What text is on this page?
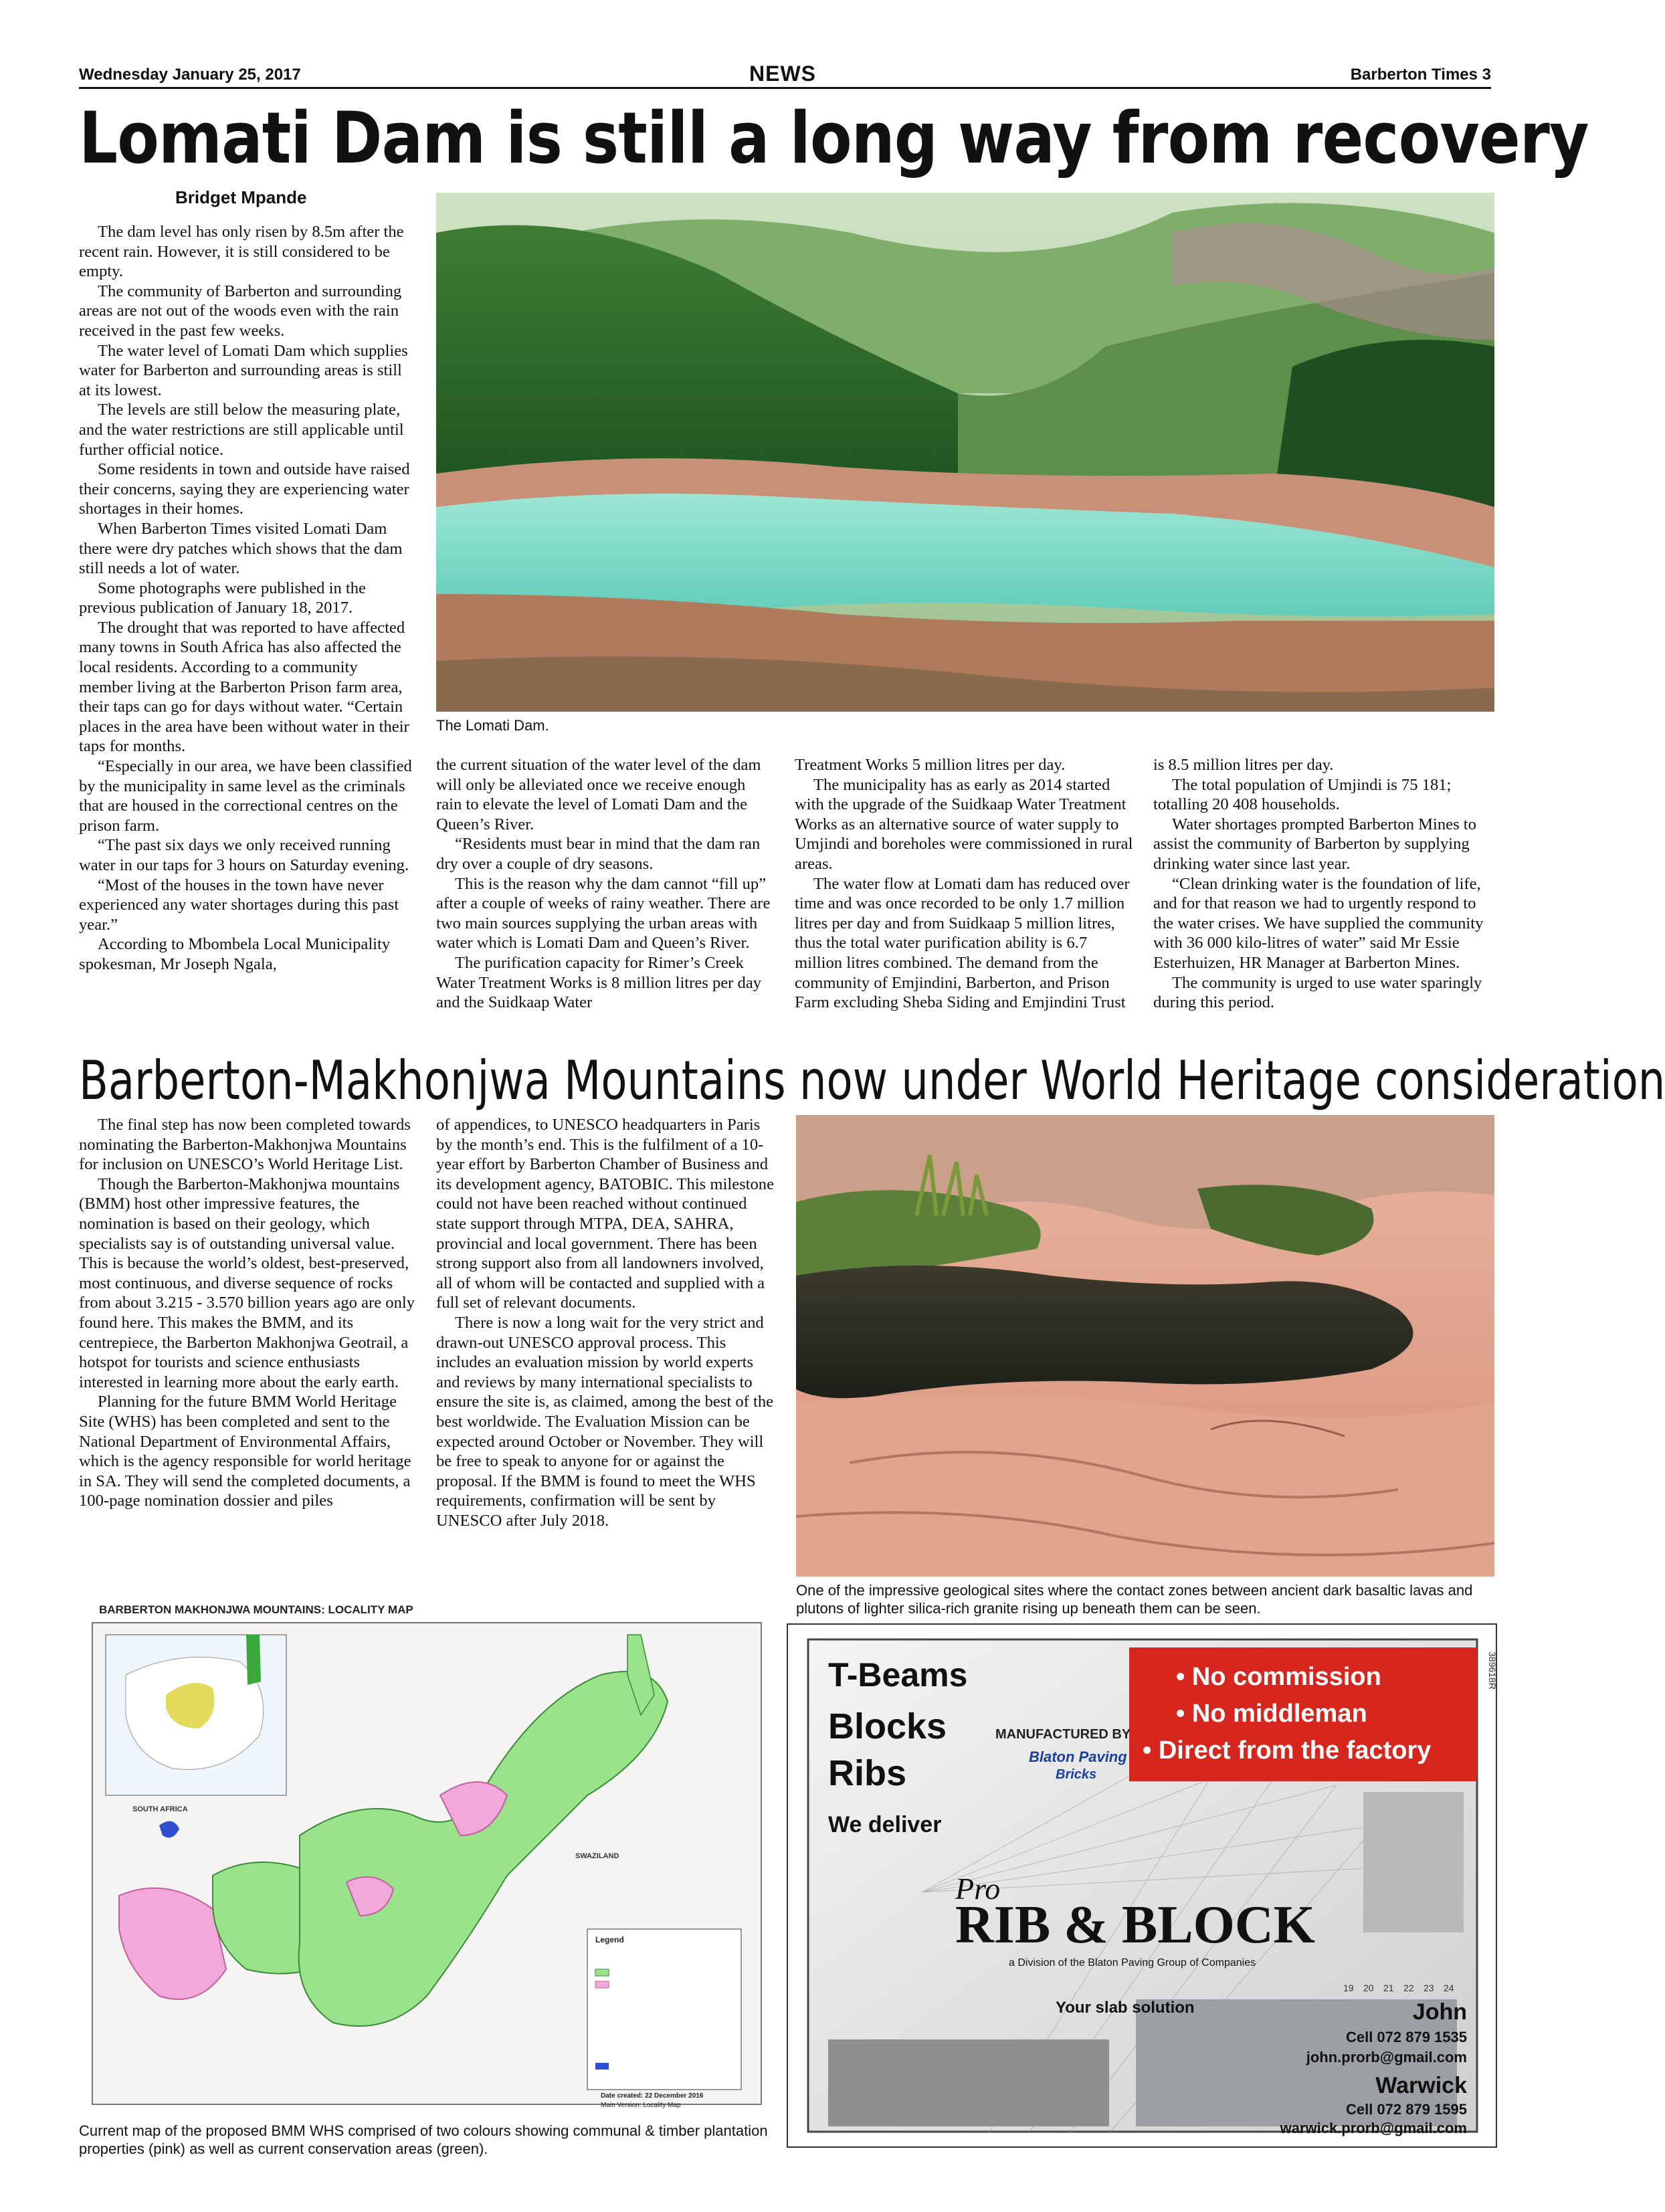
Wednesday January 25, 2017	NEWS	Barberton Times 3
Lomati Dam is still a long way from recovery
Bridget Mpande

The dam level has only risen by 8.5m after the recent rain. However, it is still considered to be empty.

The community of Barberton and surrounding areas are not out of the woods even with the rain received in the past few weeks.

The water level of Lomati Dam which supplies water for Barberton and surrounding areas is still at its lowest.

The levels are still below the measuring plate, and the water restrictions are still applicable until further official notice.

Some residents in town and outside have raised their concerns, saying they are experiencing water shortages in their homes.

When Barberton Times visited Lomati Dam there were dry patches which shows that the dam still needs a lot of water.

Some photographs were published in the previous publication of January 18, 2017.

The drought that was reported to have affected many towns in South Africa has also affected the local residents. According to a community member living at the Barberton Prison farm area, their taps can go for days without water. “Certain places in the area have been without water in their taps for months.

“Especially in our area, we have been classified by the municipality in same level as the criminals that are housed in the correctional centres on the prison farm.

“The past six days we only received running water in our taps for 3 hours on Saturday evening.

“Most of the houses in the town have never experienced any water shortages during this past year.”

According to Mbombela Local Municipality spokesman, Mr Joseph Ngala,

The Lomati Dam.

the current situation of the water level of the dam will only be alleviated once we receive enough rain to elevate the level of Lomati Dam and the Queen’s River.

“Residents must bear in mind that the dam ran dry over a couple of dry seasons.

This is the reason why the dam cannot “fill up” after a couple of weeks of rainy weather. There are two main sources supplying the urban areas with water which is Lomati Dam and Queen’s River.

The purification capacity for Rimer’s Creek Water Treatment Works is 8 million litres per day and the Suidkaap Water

Treatment Works 5 million litres per day.

The municipality has as early as 2014 started with the upgrade of the Suidkaap Water Treatment Works as an alternative source of water supply to Umjindi and boreholes were commissioned in rural areas.

The water flow at Lomati dam has reduced over time and was once recorded to be only 1.7 million litres per day and from Suidkaap 5 million litres, thus the total water purification ability is 6.7 million litres combined. The demand from the community of Emjindini, Barberton, and Prison Farm excluding Sheba Siding and Emjindini Trust

is 8.5 million litres per day.

The total population of Umjindi is 75 181; totalling 20 408 households.

Water shortages prompted Barberton Mines to assist the community of Barberton by supplying drinking water since last year.

“Clean drinking water is the foundation of life, and for that reason we had to urgently respond to the water crises. We have supplied the community with 36 000 kilo-litres of water” said Mr Essie Esterhuizen, HR Manager at Barberton Mines.

The community is urged to use water sparingly during this period.

Barberton-Makhonjwa Mountains now under World Heritage consideration

The final step has now been completed towards nominating the Barberton-Makhonjwa Mountains for inclusion on UNESCO’s World Heritage List.

Though the Barberton-Makhonjwa mountains (BMM) host other impressive features, the nomination is based on their geology, which specialists say is of outstanding universal value. This is because the world’s oldest, best-preserved, most continuous, and diverse sequence of rocks from about 3.215 - 3.570 billion years ago are only found here. This makes the BMM, and its centrepiece, the Barberton Makhonjwa Geotrail, a hotspot for tourists and science enthusiasts interested in learning more about the early earth.

Planning for the future BMM World Heritage Site (WHS) has been completed and sent to the National Department of Environmental Affairs, which is the agency responsible for world heritage in SA. They will send the completed documents, a 100-page nomination dossier and piles

of appendices, to UNESCO headquarters in Paris by the month’s end. This is the fulfilment of a 10-year effort by Barberton Chamber of Business and its development agency, BATOBIC. This milestone could not have been reached without continued state support through MTPA, DEA, SAHRA, provincial and local government. There has been strong support also from all landowners involved, all of whom will be contacted and supplied with a full set of relevant documents.

There is now a long wait for the very strict and drawn-out UNESCO approval process. This includes an evaluation mission by world experts and reviews by many international specialists to ensure the site is, as claimed, among the best of the best worldwide. The Evaluation Mission can be expected around October or November. They will be free to speak to anyone for or against the proposal. If the BMM is found to meet the WHS requirements, confirmation will be sent by UNESCO after July 2018.

One of the impressive geological sites where the contact zones between ancient dark basaltic lavas and plutons of lighter silica-rich granite rising up beneath them can be seen.
BARBERTON MAKHONJWA MOUNTAINS: LOCALITY MAP
SOUTH AFRICA
SWAZILAND
Legend
Date created: 22 December 2016
Main Version: Locality Map
Current map of the proposed BMM WHS comprised of two colours showing communal & timber plantation properties (pink) as well as current conservation areas (green).
T-Beams
Blocks
Ribs
We deliver
• No commission
• No middleman
• Direct from the factory
MANUFACTURED BY
Blaton Paving
Bricks
Pro
RIB & BLOCK
a Division of the Blaton Paving Group of Companies
Your slab solution
19 20 21 22 23 24
John
Cell 072 879 1535
john.prorb@gmail.com
Warwick
Cell 072 879 1595
warwick.prorb@gmail.com
389618R
